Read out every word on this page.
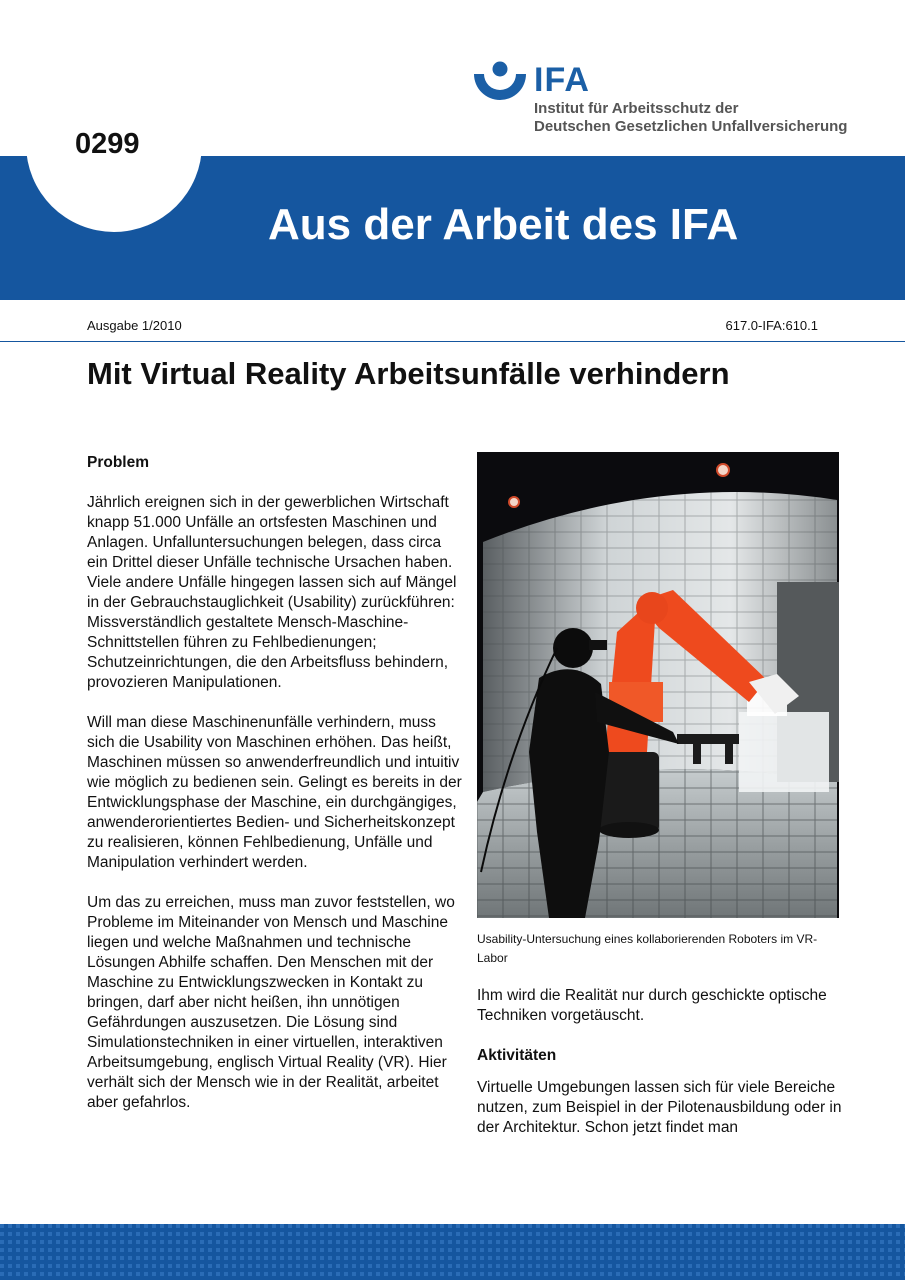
IFA
Institut für Arbeitsschutz der
Deutschen Gesetzlichen Unfallversicherung
0299
Aus der Arbeit des IFA
Ausgabe 1/2010	617.0-IFA:610.1
Mit Virtual Reality Arbeitsunfälle verhindern
Problem

Jährlich ereignen sich in der gewerblichen Wirtschaft knapp 51.000 Unfälle an ortsfesten Maschinen und Anlagen. Unfalluntersuchungen belegen, dass circa ein Drittel dieser Unfälle technische Ursachen haben. Viele andere Unfälle hingegen lassen sich auf Mängel in der Gebrauchstauglichkeit (Usability) zurückführen: Missverständlich gestaltete Mensch-Maschine-Schnittstellen führen zu Fehlbedienungen; Schutzeinrichtungen, die den Arbeitsfluss behindern, provozieren Manipulationen.

Will man diese Maschinenunfälle verhindern, muss sich die Usability von Maschinen erhöhen. Das heißt, Maschinen müssen so anwenderfreundlich und intuitiv wie möglich zu bedienen sein. Gelingt es bereits in der Entwicklungsphase der Maschine, ein durchgängiges, anwenderorientiertes Bedien- und Sicherheitskonzept zu realisieren, können Fehlbedienung, Unfälle und Manipulation verhindert werden.

Um das zu erreichen, muss man zuvor feststellen, wo Probleme im Miteinander von Mensch und Maschine liegen und welche Maßnahmen und technische Lösungen Abhilfe schaffen. Den Menschen mit der Maschine zu Entwicklungszwecken in Kontakt zu bringen, darf aber nicht heißen, ihn unnötigen Gefährdungen auszusetzen. Die Lösung sind Simulationstechniken in einer virtuellen, interaktiven Arbeitsumgebung, englisch Virtual Reality (VR). Hier verhält sich der Mensch wie in der Realität, arbeitet aber gefahrlos.

Usability-Untersuchung eines kollaborierenden Roboters im VR-Labor

Ihm wird die Realität nur durch geschickte optische Techniken vorgetäuscht.

Aktivitäten

Virtuelle Umgebungen lassen sich für viele Bereiche nutzen, zum Beispiel in der Pilotenausbildung oder in der Architektur. Schon jetzt findet man
